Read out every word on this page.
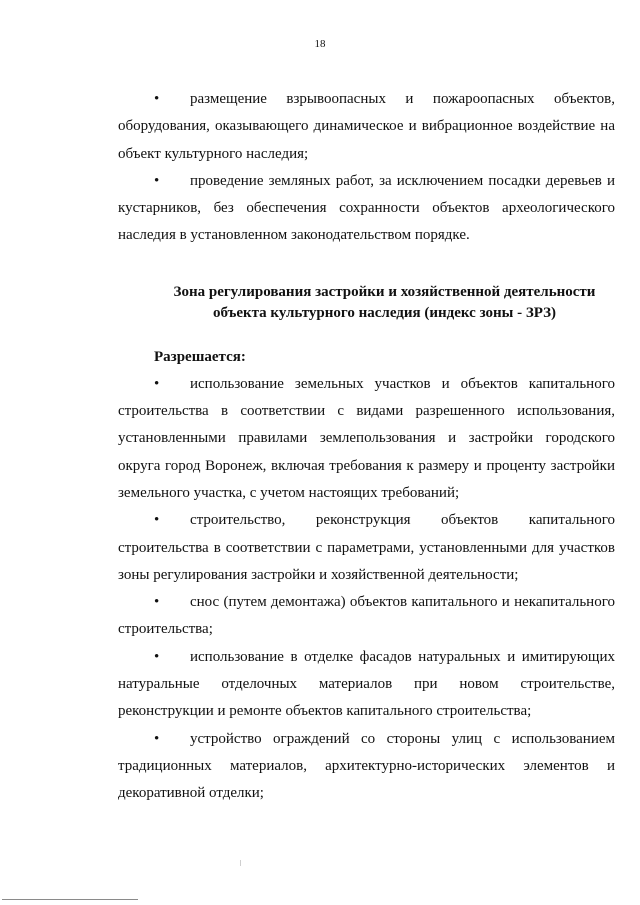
18

• размещение взрывоопасных и пожароопасных объектов, оборудования, оказывающего динамическое и вибрационное воздействие на объект культурного наследия;

• проведение земляных работ, за исключением посадки деревьев и кустарников, без обеспечения сохранности объектов археологического наследия в установленном законодательством порядке.

Зона регулирования застройки и хозяйственной деятельности
объекта культурного наследия (индекс зоны - ЗРЗ)
Разрешается:

• использование земельных участков и объектов капитального строительства в соответствии с видами разрешенного использования, установленными правилами землепользования и застройки городского округа город Воронеж, включая требования к размеру и проценту застройки земельного участка, с учетом настоящих требований;

• строительство, реконструкция объектов капитального строительства в соответствии с параметрами, установленными для участков зоны регулирования застройки и хозяйственной деятельности;

• снос (путем демонтажа) объектов капитального и некапитального строительства;

• использование в отделке фасадов натуральных и имитирующих натуральные отделочных материалов при новом строительстве, реконструкции и ремонте объектов капитального строительства;

• устройство ограждений со стороны улиц с использованием традиционных материалов, архитектурно-исторических элементов и декоративной отделки;
